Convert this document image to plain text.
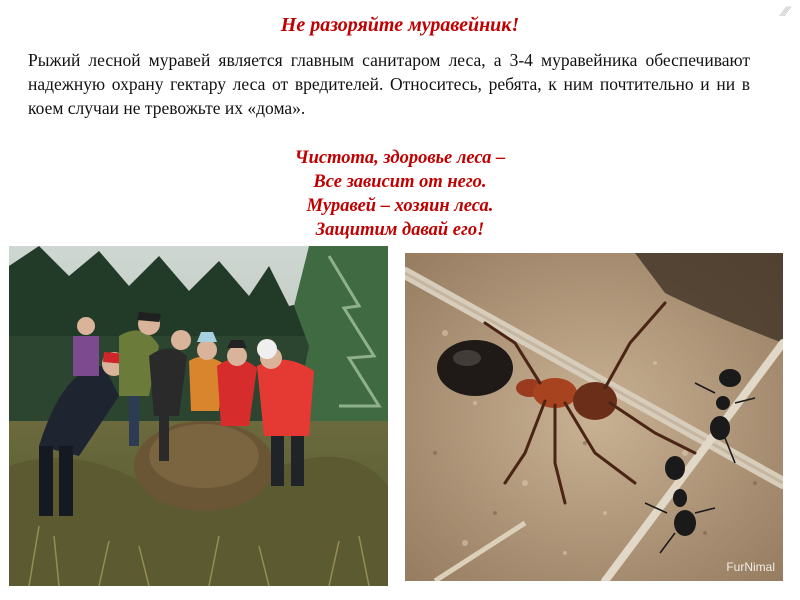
⁄⁄⁄⁄
Не разоряйте муравейник!
Рыжий лесной муравей является главным санитаром леса, а 3-4 муравейника обеспечивают надежную охрану гектару леса от вредителей. Относитесь, ребята, к ним почтительно и ни в коем случаи не тревожьте их «дома».
Чистота, здоровье леса –
Все зависит от него.
Муравей – хозяин леса.
Защитим давай его!
FurNimal
